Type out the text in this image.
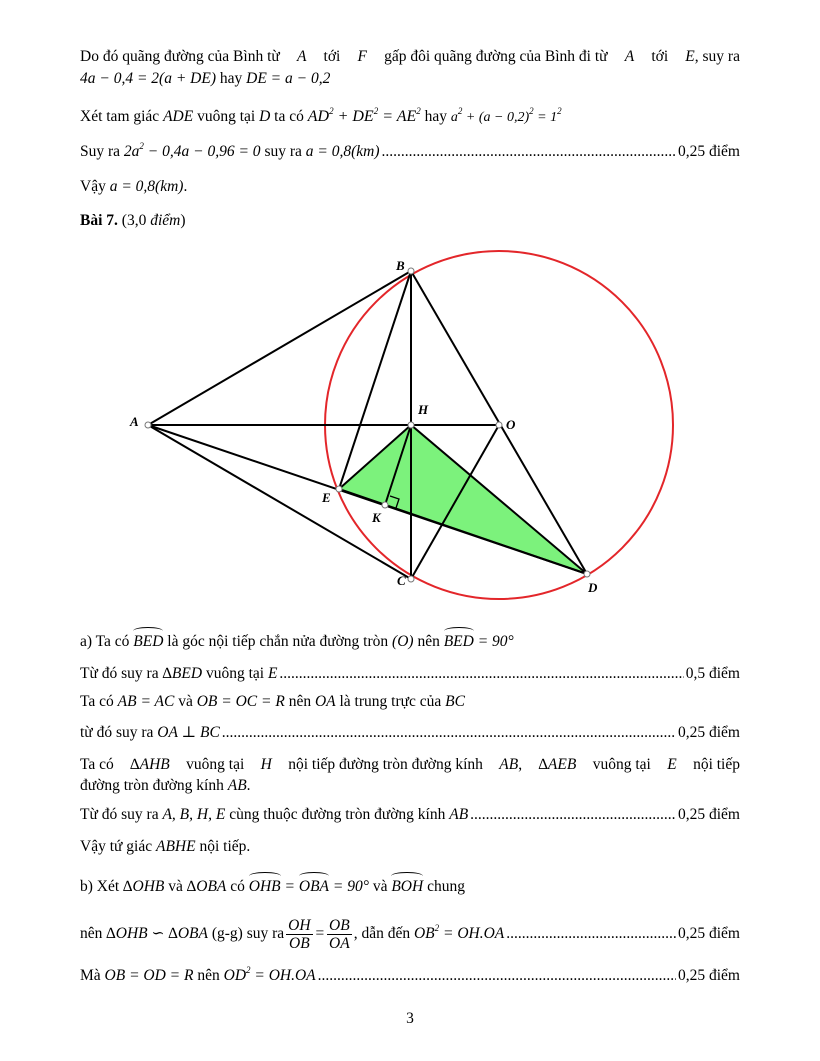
Do đó quãng đường của Bình từ A tới F gấp đôi quãng đường của Bình đi từ A tới E, suy ra
4a − 0,4 = 2(a + DE) hay DE = a − 0,2
Xét tam giác ADE vuông tại D ta có $AD^2 + DE^2 = AE^2$ hay $a^2 + (a - 0,2)^2 = 1^2$
Suy ra
$2a^2 - 0,4a - 0,96 = 0$
suy ra
a = 0,8(km) .....	0,25 điểm
Vậy a = 0,8(km).
Bài 7. (3,0 điểm)
A
B
C	D
E
H
K
O
a) Ta có BED là góc nội tiếp chắn nửa đường tròn (O) nên BED = 90°
Từ đó suy ra
∆BED
vuông tại
E .....	0,5 điểm
Ta có AB = AC và OB = OC = R nên OA là trung trực của BC
từ đó suy ra
OA ⊥ BC .....	0,25 điểm
Ta có ∆AHB vuông tại H nội tiếp đường tròn đường kính AB, ∆AEB vuông tại E nội tiếp
đường tròn đường kính AB.
Từ đó suy ra
A, B, H, E
cùng thuộc đường tròn đường kính
AB .....	0,25 điểm
Vậy tứ giác ABHE nội tiếp.
b) Xét ∆OHB và ∆OBA có OHB = OBA = 90° và BOH chung
nên
∆OHB ∽ ∆OBA
(g-g) suy ra $\frac{OH}{OB} = \frac{OB}{OA}$ , dẫn đến
$OB^2 = OH.OA$ .....	0,25 điểm
Mà
OB = OD = R
nên
$OD^2 = OH.OA$ .....	0,25 điểm
3
